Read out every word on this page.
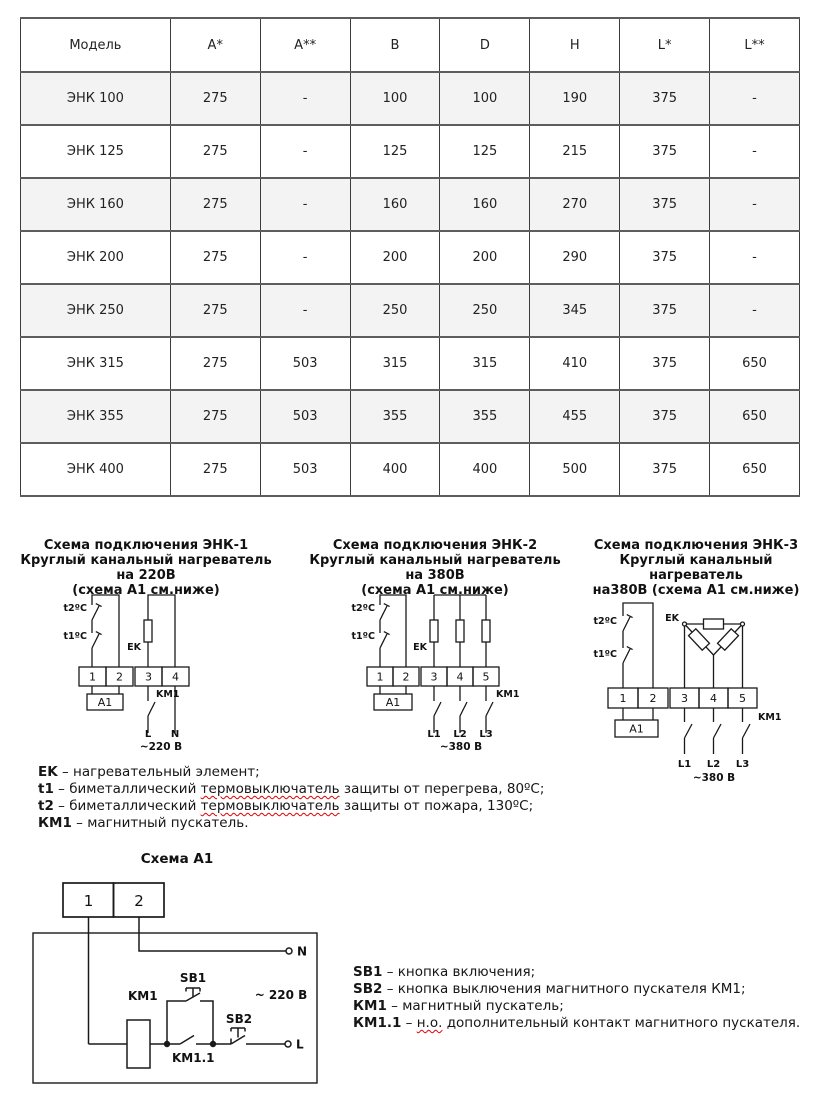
Модель	A*	A**	B	D	H	L*	L**
ЭНК 100	275	-	100	100	190	375	-
ЭНК 125	275	-	125	125	215	375	-
ЭНК 160	275	-	160	160	270	375	-
ЭНК 200	275	-	200	200	290	375	-
ЭНК 250	275	-	250	250	345	375	-
ЭНК 315	275	503	315	315	410	375	650
ЭНК 355	275	503	355	355	455	375	650
ЭНК 400	275	503	400	400	500	375	650
Схема подключения ЭНК-1
Круглый канальный нагреватель на 220В
(схема А1 см.ниже)
Схема подключения ЭНК-2
Круглый канальный нагреватель на 380В
(схема А1 см.ниже)
Схема подключения ЭНК-3
Круглый канальный нагреватель
на380В (схема А1 см.ниже)
t2ºC
t1ºC
EK
1 2 3 4
A1
KM1
L N
~220 В
t2ºC
t1ºC
EK
1 2 3 4 5
A1
KM1
L1 L2 L3
~380 В
t2ºC
t1ºC
EK
1 2 3 4 5
A1
KM1
L1 L2 L3
~380 В
EK – нагревательный элемент;
t1 – биметаллический термовыключатель защиты от перегрева, 80ºС;
t2 – биметаллический термовыключатель защиты от пожара, 130ºС;
КМ1 – магнитный пускатель.
Схема А1
1	2
N
L
KM1
KM1.1
SB1
SB2
~ 220 В
SB1 – кнопка включения;
SB2 – кнопка выключения магнитного пускателя КМ1;
КМ1 – магнитный пускатель;
КМ1.1 – н.о. дополнительный контакт магнитного пускателя.
